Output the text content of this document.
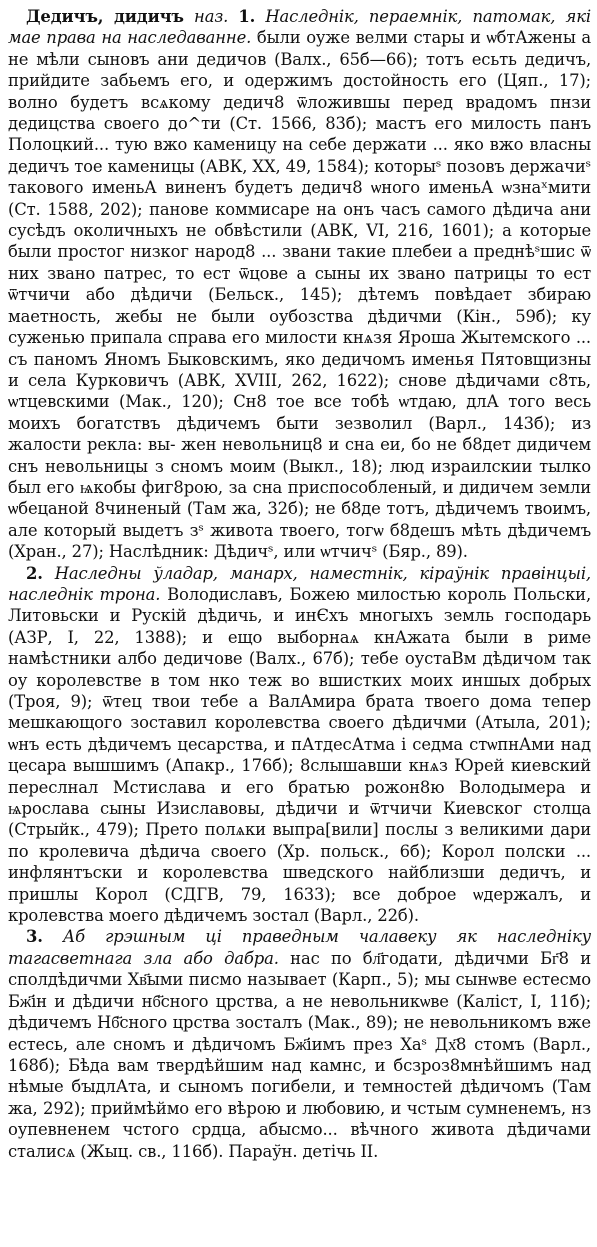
Дедичъ, дидичъ наз. 1. Наследнік, пераемнік, патомак, які мае права на наследаванне. были оуже велми стары и ѡбтАжены а не мѣли сыновъ ани дедичов (Валх., 65б—66); тотъ есьть дедичъ, прийдите забьемъ его, и одержимъ достойность его (Цяп., 17); волно будетъ всѧкому дедич8 ѿложившы перед врадомъ пнзи дедицства своего до^ти (Ст. 1566, 83б); мастъ его милость панъ Полоцкий... тую вжо каменицу на себе держати ... яко вжо власны дедичъ тое каменицы (АВК, XX, 49, 1584); которыˢ позовъ держачиˢ такового именьА виненъ будетъ дедич8 ѡного именьА ѡзнаˣмити (Ст. 1588, 202); панове коммисаре на онъ часъ самого дѣдича ани сусѣдъ околичныхъ не обвѣстили (АВК, VI, 216, 1601); а которые были простог низког народ8 ... звани такие плебеи а преднѣˢшис ѿ них звано патрес, то ест ѿцове а сыны их звано патрицы то ест ѿтчичи або дѣдичи (Бельск., 145); дѣтемъ повѣдает збираю маетность, жебы не были оубозства дѣдичми (Кін., 59б); ку суженью припала справа его милости кнѧзя Яроша Жытемского ... съ паномъ Яномъ Быковскимъ, яко дедичомъ именья Пятовщизны и села Курковичъ (АВК, XVIII, 262, 1622); снове дѣдичами с8ть, ѡтцевскими (Мак., 120); Сн8 тое все тобѣ ѡтдаю, длА того весь моихъ богатствъ дѣдичемъ быти зезволил (Варл., 143б); из жалости рекла: вы- жен невольниц8 и сна еи, бо не б8дет дидичем снъ невольницы з сномъ моим (Выкл., 18); люд израилскии тылко был его ѩкобы фиг8рою, за сна приспособленый, и дидичем земли ѡбецаной 8чиненый (Там жа, 32б); не б8де тотъ, дѣдичемъ твоимъ, але который выдетъ зˢ живота твоего, тогѡ б8дешъ мѣть дѣдичемъ (Хран., 27); Наслѣдник: Дѣдичˢ, или ѡтчичˢ (Бяр., 89).

2. Наследны ўладар, манарх, наместнік, кіраўнік правінцыі, наследнік трона. Володиславъ, Божею милостью король Польски, Литовьски и Рускій дѣдичь, и инЄхъ многыхъ земль господарь (АЗР, I, 22, 1388); и ещо выборнаѧ кнАжата были в риме намѣстники албо дедичове (Валх., 67б); тебе оустаВм дѣдичом так оу королевстве в том нко теж во вшистких моих иншых добрых (Троя, 9); ѿтец твои тебе а ВалАмира брата твоего дома тепер мешкающого зоставил королевства своего дѣдичми (Атыла, 201); ѡнъ есть дѣдичемъ цесарства, и пАтдесАтма і седма стѡпнАми над цесара вышшимъ (Апакр., 176б); 8слышавши кнѧз Юрей киевский переслнал Мстислава и его братью рожон8ю Володымера и ѩрослава сыны Изиславовы, дѣдичи и ѿтчичи Киевског столца (Стрыйк., 479); Прето полѧки выпра[вили] послы з великими дари по кролевича дѣдича своего (Хр. польск., 6б); Корол полски ... инфлянтъски и королевства шведского найблизши дедичъ, и пришлы Корол (СДГВ, 79, 1633); все доброе ѡдержалъ, и кролевства моего дѣдичемъ зостал (Варл., 22б).

3. Аб грэшным ці праведным чалавеку як наследніку тагасветнага зла або дабра. нас по бл҃годати, дѣдичми Бг҃8 и сполдѣдичми Хв҃ыми писмо называет (Карп., 5); мы сынѡве естесмо Бж҃ін и дѣдичи нб҃сного црства, а не невольникѡве (Каліст, I, 11б); дѣдичемъ Нб҃сного црства зосталъ (Мак., 89); не невольникомъ вже естесь, але сномъ и дѣдичомъ Бж҃іимъ през Хаˢ Дх҃8 стомъ (Варл., 168б); Бѣда вам твердѣйшим над камнс, и бсзроз8мнѣйшимъ над нѣмые бꙑдлАта, и сыномъ погибели, и темностей дѣдичомъ (Там жа, 292); приймѣймо его вѣрою и любовию, и чстым сумненемъ, нз оупевненем чстого срдца, абысмо... вѣчного живота дѣдичами сталисѧ (Жыц. св., 116б). Параўн. детічь II.
